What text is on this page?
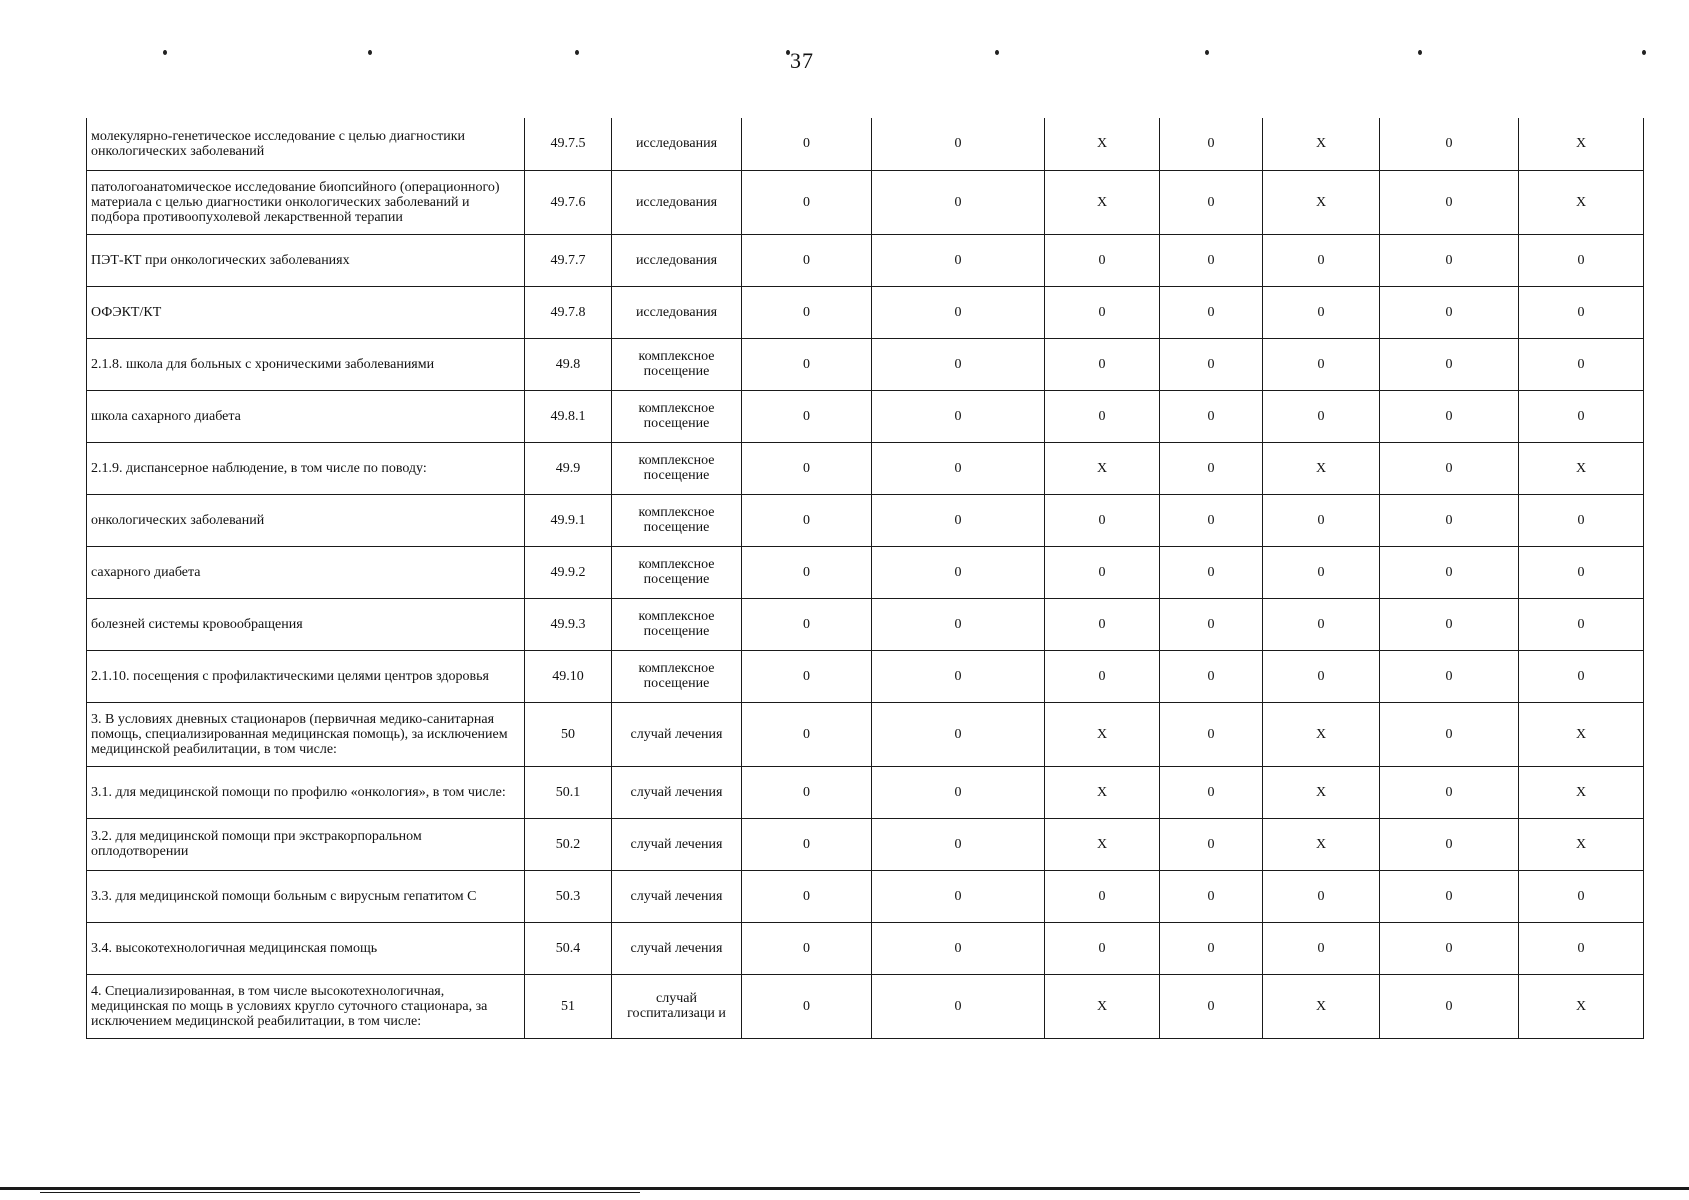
37
молекулярно-генетическое исследование с целью диагностики онкологических заболеваний	49.7.5	исследования	0	0	X	0	X	0	X
патологоанатомическое исследование биопсийного (операционного) материала с целью диагностики онкологических заболеваний и подбора противоопухолевой лекарственной терапии	49.7.6	исследования	0	0	X	0	X	0	X
ПЭТ-КТ при онкологических заболеваниях	49.7.7	исследования	0	0	0	0	0	0	0
ОФЭКТ/КТ	49.7.8	исследования	0	0	0	0	0	0	0
2.1.8. школа для больных с хроническими заболеваниями	49.8	комплексное посещение	0	0	0	0	0	0	0
школа сахарного диабета	49.8.1	комплексное посещение	0	0	0	0	0	0	0
2.1.9. диспансерное наблюдение, в том числе по поводу:	49.9	комплексное посещение	0	0	X	0	X	0	X
онкологических заболеваний	49.9.1	комплексное посещение	0	0	0	0	0	0	0
сахарного диабета	49.9.2	комплексное посещение	0	0	0	0	0	0	0
болезней системы кровообращения	49.9.3	комплексное посещение	0	0	0	0	0	0	0
2.1.10. посещения с профилактическими целями центров здоровья	49.10	комплексное посещение	0	0	0	0	0	0	0
3. В условиях дневных стационаров (первичная медико-санитарная помощь, специализированная медицинская помощь), за исключением медицинской реабилитации, в том числе:	50	случай лечения	0	0	X	0	X	0	X
3.1. для медицинской помощи по профилю «онкология», в том числе:	50.1	случай лечения	0	0	X	0	X	0	X
3.2. для медицинской помощи при экстракорпоральном оплодотворении	50.2	случай лечения	0	0	X	0	X	0	X
3.3. для медицинской помощи больным с вирусным гепатитом С	50.3	случай лечения	0	0	0	0	0	0	0
3.4. высокотехнологичная медицинская помощь	50.4	случай лечения	0	0	0	0	0	0	0
4. Специализированная, в том числе высокотехнологичная, медицинская по мощь в условиях кругло суточного стационара, за исключением медицинской реабилитации, в том числе:	51	случай госпитализаци и	0	0	X	0	X	0	X
